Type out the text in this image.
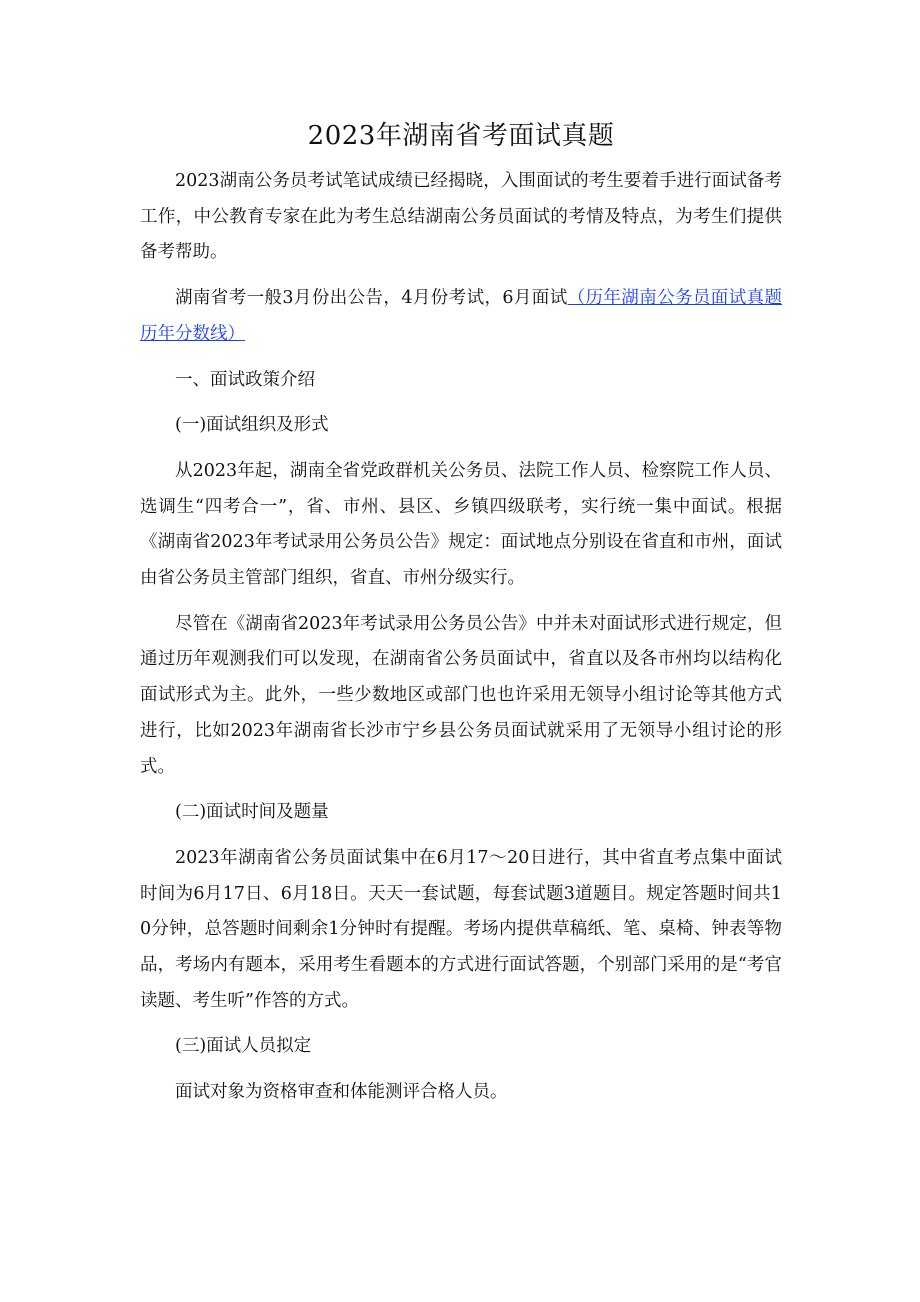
2023年湖南省考面试真题

2023湖南公务员考试笔试成绩已经揭晓，入围面试的考生要着手进行面试备考工作，中公教育专家在此为考生总结湖南公务员面试的考情及特点，为考生们提供备考帮助。

湖南省考一般3月份出公告，4月份考试，6月面试（历年湖南公务员面试真题 历年分数线）

一、面试政策介绍

(一)面试组织及形式

从2023年起，湖南全省党政群机关公务员、法院工作人员、检察院工作人员、选调生“四考合一”，省、市州、县区、乡镇四级联考，实行统一集中面试。根据《湖南省2023年考试录用公务员公告》规定：面试地点分别设在省直和市州，面试由省公务员主管部门组织，省直、市州分级实行。

尽管在《湖南省2023年考试录用公务员公告》中并未对面试形式进行规定，但通过历年观测我们可以发现，在湖南省公务员面试中，省直以及各市州均以结构化面试形式为主。此外，一些少数地区或部门也也许采用无领导小组讨论等其他方式进行，比如2023年湖南省长沙市宁乡县公务员面试就采用了无领导小组讨论的形式。

(二)面试时间及题量

2023年湖南省公务员面试集中在6月17～20日进行，其中省直考点集中面试时间为6月17日、6月18日。天天一套试题，每套试题3道题目。规定答题时间共10分钟，总答题时间剩余1分钟时有提醒。考场内提供草稿纸、笔、桌椅、钟表等物品，考场内有题本，采用考生看题本的方式进行面试答题，个别部门采用的是“考官读题、考生听”作答的方式。

(三)面试人员拟定

面试对象为资格审查和体能测评合格人员。
